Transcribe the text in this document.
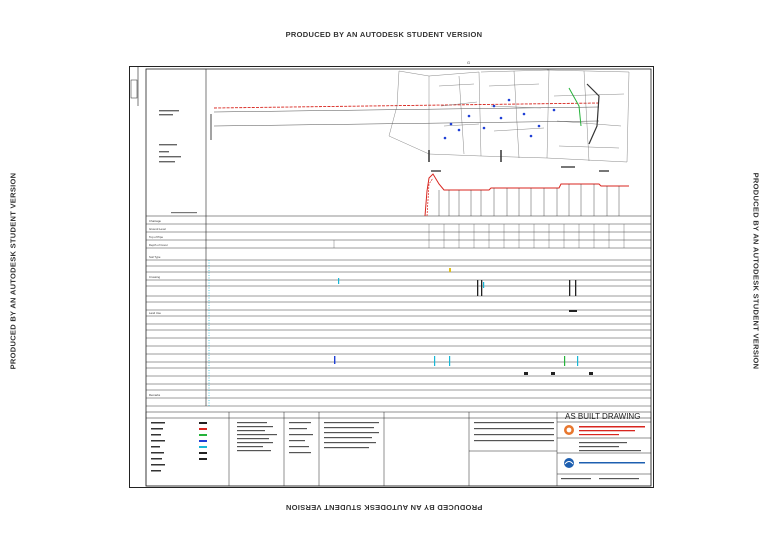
PRODUCED BY AN AUTODESK STUDENT VERSION
PRODUCED BY AN AUTODESK STUDENT VERSION
PRODUCED BY AN AUTODESK STUDENT VERSION	PRODUCED BY AN AUTODESK STUDENT VERSION
G
Chainage
Ground Level
Top of Pipe
Depth of Cover
Soil Type
Crossing
Land Use
Remarks
AS BUILT DRAWING
